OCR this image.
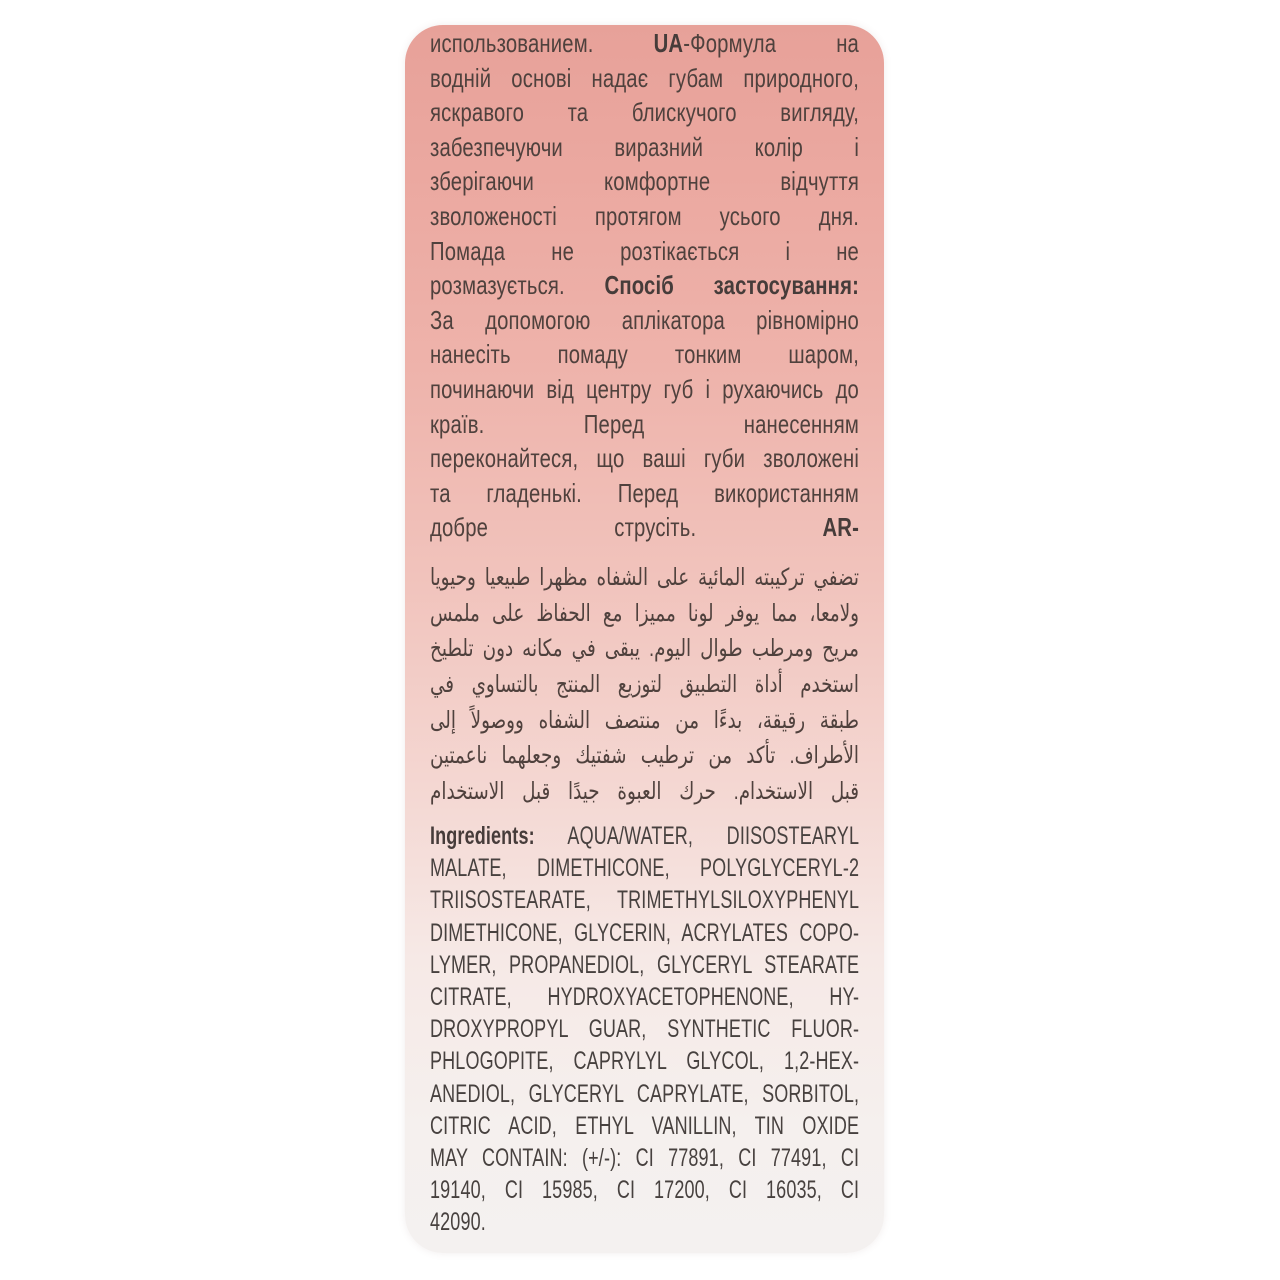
использованием. UA-Формула на
водній основі надає губам природного,
яскравого та блискучого вигляду,
забезпечуючи виразний колір і
зберігаючи комфортне відчуття
зволоженості протягом усього дня.
Помада не розтікається і не
розмазується. Спосіб застосування:
За допомогою аплікатора рівномірно
нанесіть помаду тонким шаром,
починаючи від центру губ і рухаючись до
країв. Перед нанесенням
переконайтеся, що ваші губи зволожені
та гладенькі. Перед використанням
добре струсіть. AR-
تضفي تركيبته المائية على الشفاه مظهرا طبيعيا وحيويا
ولامعا، مما يوفر لونا مميزا مع الحفاظ على ملمس
مريح ومرطب طوال اليوم. يبقى في مكانه دون تلطيخ
استخدم أداة التطبيق لتوزيع المنتج بالتساوي في
طبقة رقيقة، بدءًا من منتصف الشفاه ووصولاً إلى
الأطراف. تأكد من ترطيب شفتيك وجعلهما ناعمتين
قبل الاستخدام. حرك العبوة جيدًا قبل الاستخدام
Ingredients: AQUA/WATER, DIISOSTEARYL
MALATE, DIMETHICONE, POLYGLYCERYL-2
TRIISOSTEARATE, TRIMETHYLSILOXYPHENYL
DIMETHICONE, GLYCERIN, ACRYLATES COPO-
LYMER, PROPANEDIOL, GLYCERYL STEARATE
CITRATE, HYDROXYACETOPHENONE, HY-
DROXYPROPYL GUAR, SYNTHETIC FLUOR-
PHLOGOPITE, CAPRYLYL GLYCOL, 1,2-HEX-
ANEDIOL, GLYCERYL CAPRYLATE, SORBITOL,
CITRIC ACID, ETHYL VANILLIN, TIN OXIDE
MAY CONTAIN: (+/-): CI 77891, CI 77491, CI
19140, CI 15985, CI 17200, CI 16035, CI
42090.
